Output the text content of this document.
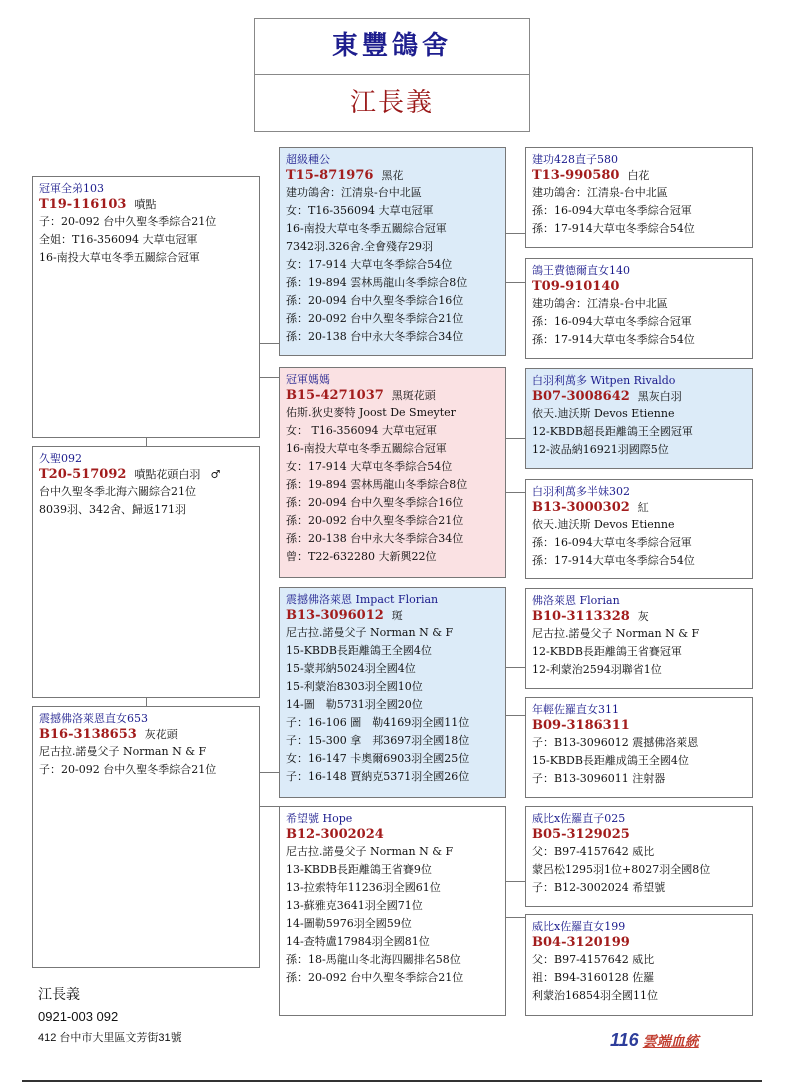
東豐鴿舍
江長義
冠軍全弟103
T19-116103 噴點
子：20-092 台中久聖冬季綜合21位
全姐：T16-356094 大草屯冠軍
16-南投大草屯冬季五關綜合冠軍
久聖092
T20-517092 噴點花頭白羽 ♂
台中久聖冬季北海六關綜合21位
8039羽、342舍、歸返171羽
震撼佛洛萊恩直女653
B16-3138653 灰花頭
尼古拉.諾曼父子 Norman N & F
子：20-092 台中久聖冬季綜合21位
超級種公
T15-871976 黑花
建功鴿舍：江清泉-台中北區
女：T16-356094 大草屯冠軍
16-南投大草屯冬季五關綜合冠軍
7342羽.326舍.全會殘存29羽
女：17-914 大草屯冬季綜合54位
孫：19-894 雲林馬龍山冬季綜合8位
孫：20-094 台中久聖冬季綜合16位
孫：20-092 台中久聖冬季綜合21位
孫：20-138 台中永大冬季綜合34位
冠軍媽媽
B15-4271037 黑斑花頭
佑斯.狄史麥特 Joost De Smeyter
女： T16-356094 大草屯冠軍
16-南投大草屯冬季五關綜合冠軍
女：17-914 大草屯冬季綜合54位
孫：19-894 雲林馬龍山冬季綜合8位
孫：20-094 台中久聖冬季綜合16位
孫：20-092 台中久聖冬季綜合21位
孫：20-138 台中永大冬季綜合34位
曾：T22-632280 大新興22位
震撼佛洛萊恩 Impact Florian
B13-3096012 斑
尼古拉.諾曼父子 Norman N & F
15-KBDB長距離鴿王全國4位
15-蒙邦納5024羽全國4位
15-利蒙治8303羽全國10位
14-圖　勒5731羽全國20位
子：16-106 圖　勒4169羽全國11位
子：15-300 拿　邦3697羽全國18位
女：16-147 卡奧爾6903羽全國25位
子：16-148 賈納克5371羽全國26位
希望號 Hope
B12-3002024
尼古拉.諾曼父子 Norman N & F
13-KBDB長距離鴿王省賽9位
13-拉索特年11236羽全國61位
13-蘇雅克3641羽全國71位
14-圖勒5976羽全國59位
14-查特盧17984羽全國81位
孫：18-馬龍山冬北海四關排名58位
孫：20-092 台中久聖冬季綜合21位
建功428直子580
T13-990580 白花
建功鴿舍：江清泉-台中北區
孫：16-094大草屯冬季綜合冠軍
孫：17-914大草屯冬季綜合54位
鴿王費德爾直女140
T09-910140
建功鴿舍：江清泉-台中北區
孫：16-094大草屯冬季綜合冠軍
孫：17-914大草屯冬季綜合54位
白羽利萬多 Witpen Rivaldo
B07-3008642 黑灰白羽
依天.迪沃斯 Devos Etienne
12-KBDB超長距離鴿王全國冠軍
12-波品納16921羽國際5位
白羽利萬多半妹302
B13-3000302 紅
依天.迪沃斯 Devos Etienne
孫：16-094大草屯冬季綜合冠軍
孫：17-914大草屯冬季綜合54位
佛洛萊恩 Florian
B10-3113328 灰
尼古拉.諾曼父子 Norman N & F
12-KBDB長距離鴿王省賽冠軍
12-利蒙治2594羽聯省1位
年輕佐羅直女311
B09-3186311
子：B13-3096012 震撼佛洛萊恩
15-KBDB長距離成鴿王全國4位
子：B13-3096011 注射器
威比x佐羅直子025
B05-3129025
父：B97-4157642 威比
蒙呂松1295羽1位+8027羽全國8位
子：B12-3002024 希望號
威比x佐羅直女199
B04-3120199
父：B97-4157642 威比
祖：B94-3160128 佐羅
利蒙治16854羽全國11位
江長義
0921-003 092
412 台中市大里區文芳街31號	116 雲端血統
